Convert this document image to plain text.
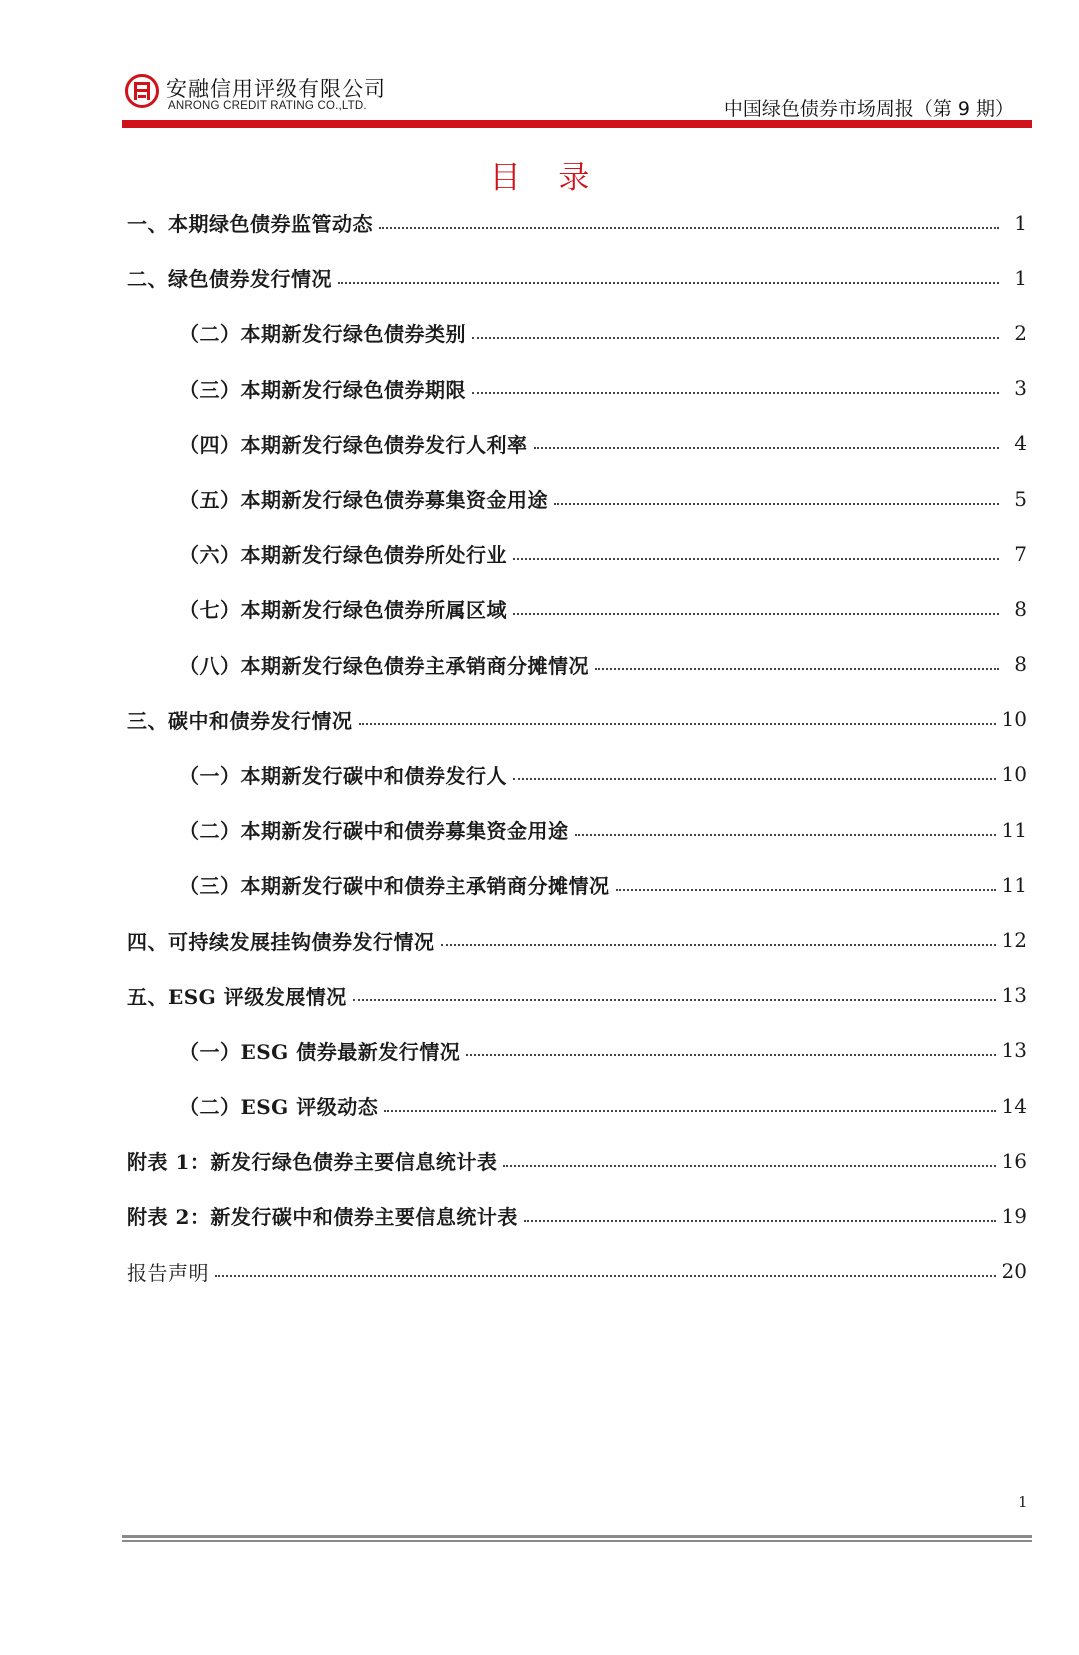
安融信用评级有限公司
ANRONG CREDIT RATING CO.,LTD.	中国绿色债券市场周报（第 9 期）
目 录
一、本期绿色债券监管动态	1
二、绿色债券发行情况	1
（二）本期新发行绿色债券类别	2
（三）本期新发行绿色债券期限	3
（四）本期新发行绿色债券发行人利率	4
（五）本期新发行绿色债券募集资金用途	5
（六）本期新发行绿色债券所处行业	7
（七）本期新发行绿色债券所属区域	8
（八）本期新发行绿色债券主承销商分摊情况	8
三、碳中和债券发行情况	10
（一）本期新发行碳中和债券发行人	10
（二）本期新发行碳中和债券募集资金用途	11
（三）本期新发行碳中和债券主承销商分摊情况	11
四、可持续发展挂钩债券发行情况	12
五、ESG 评级发展情况	13
（一）ESG 债券最新发行情况	13
（二）ESG 评级动态	14
附表 1：新发行绿色债券主要信息统计表	16
附表 2：新发行碳中和债券主要信息统计表	19
报告声明	20
1
